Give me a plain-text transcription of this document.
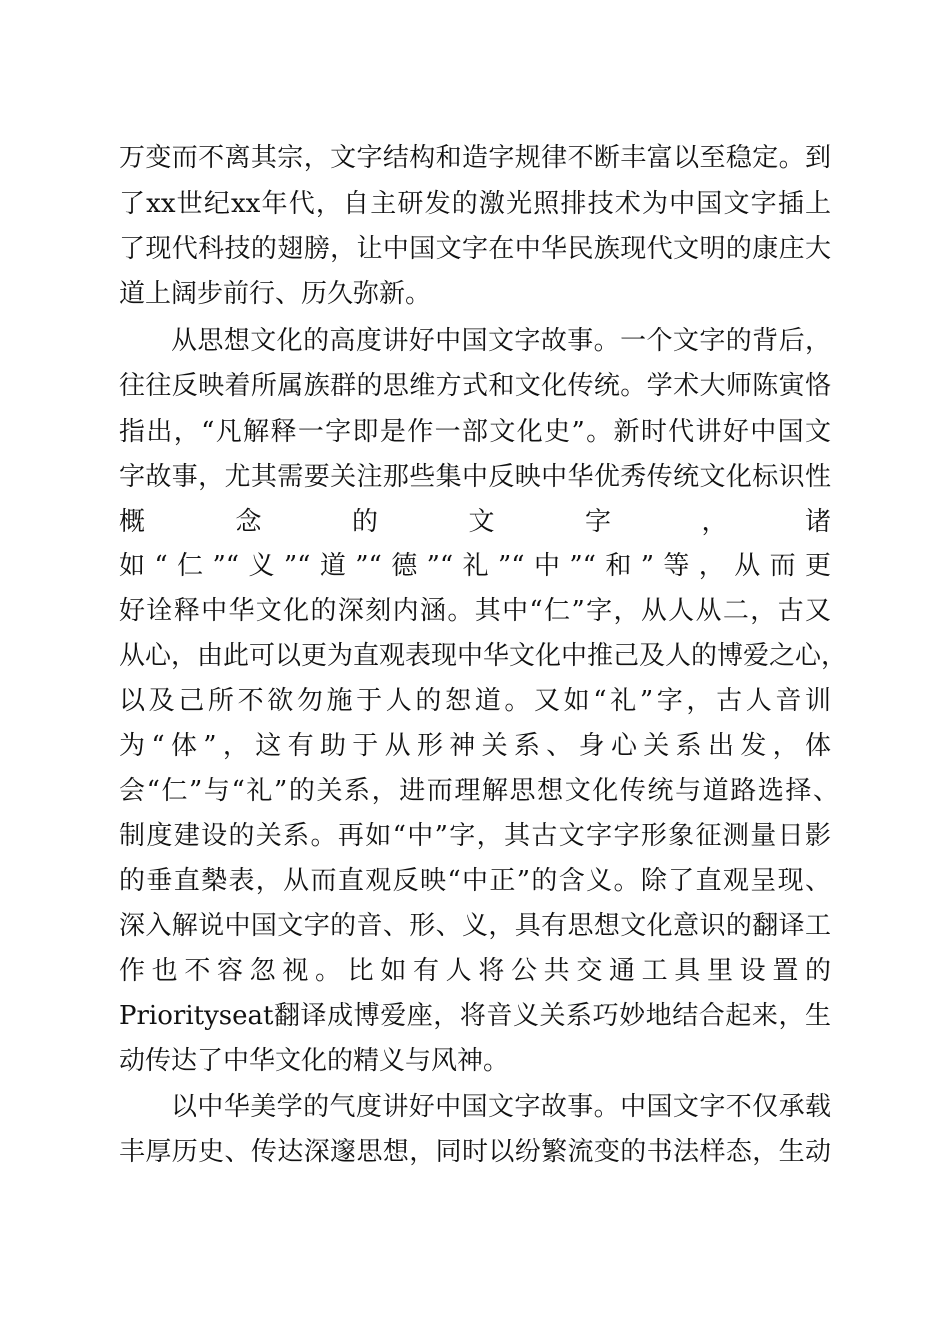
万变而不离其宗，文字结构和造字规律不断丰富以至稳定。到
了xx世纪xx年代，自主研发的激光照排技术为中国文字插上
了现代科技的翅膀，让中国文字在中华民族现代文明的康庄大
道上阔步前行、历久弥新。
从思想文化的高度讲好中国文字故事。一个文字的背后，
往往反映着所属族群的思维方式和文化传统。学术大师陈寅恪
指出，“凡解释一字即是作一部文化史”。新时代讲好中国文
字故事，尤其需要关注那些集中反映中华优秀传统文化标识性
概　念　的　文　字　，　诸
如“仁”“义”“道”“德”“礼”“中”“和”等，从而更
好诠释中华文化的深刻内涵。其中“仁”字，从人从二，古又
从心，由此可以更为直观表现中华文化中推己及人的博爱之心，
以及己所不欲勿施于人的恕道。又如“礼”字，古人音训
为“体”，这有助于从形神关系、身心关系出发，体
会“仁”与“礼”的关系，进而理解思想文化传统与道路选择、
制度建设的关系。再如“中”字，其古文字字形象征测量日影
的垂直槷表，从而直观反映“中正”的含义。除了直观呈现、
深入解说中国文字的音、形、义，具有思想文化意识的翻译工
作也不容忽视。比如有人将公共交通工具里设置的
Priorityseat翻译成博爱座，将音义关系巧妙地结合起来，生
动传达了中华文化的精义与风神。
以中华美学的气度讲好中国文字故事。中国文字不仅承载
丰厚历史、传达深邃思想，同时以纷繁流变的书法样态，生动
